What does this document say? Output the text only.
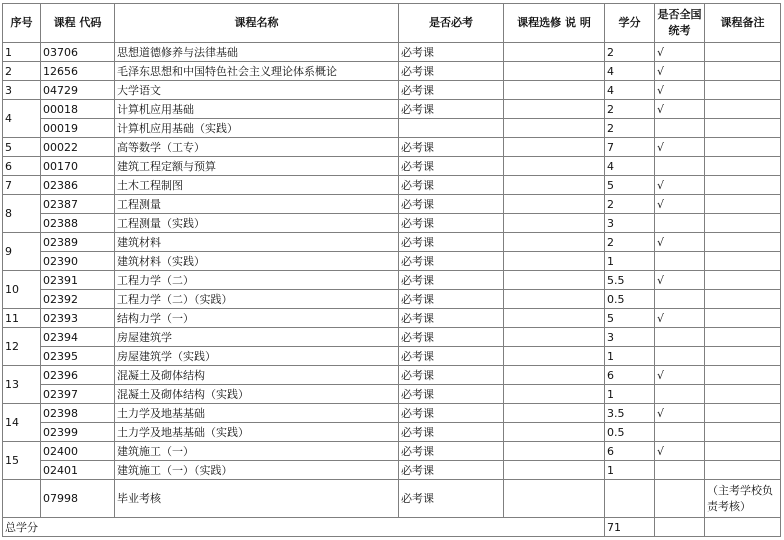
序号	课程 代码	课程名称	是否必考	课程选修 说 明	学分	是否全国统考	课程备注
1	03706	思想道德修养与法律基础	必考课		2	√	
2	12656	毛泽东思想和中国特色社会主义理论体系概论	必考课		4	√	
3	04729	大学语文	必考课		4	√	
4	00018	计算机应用基础	必考课		2	√	
	00019	计算机应用基础（实践）			2		
5	00022	高等数学（工专）	必考课		7	√	
6	00170	建筑工程定额与预算	必考课		4		
7	02386	土木工程制图	必考课		5	√	
8	02387	工程测量	必考课		2	√	
	02388	工程测量（实践）	必考课		3		
9	02389	建筑材料	必考课		2	√	
	02390	建筑材料（实践）	必考课		1		
10	02391	工程力学（二）	必考课		5.5	√	
	02392	工程力学（二）（实践）	必考课		0.5		
11	02393	结构力学（一）	必考课		5	√	
12	02394	房屋建筑学	必考课		3		
	02395	房屋建筑学（实践）	必考课		1		
13	02396	混凝土及砌体结构	必考课		6	√	
	02397	混凝土及砌体结构（实践）	必考课		1		
14	02398	土力学及地基基础	必考课		3.5	√	
	02399	土力学及地基基础（实践）	必考课		0.5		
15	02400	建筑施工（一）	必考课		6	√	
	02401	建筑施工（一）（实践）	必考课		1		
	07998	毕业考核	必考课				（主考学校负责考核）
总学分					71		
